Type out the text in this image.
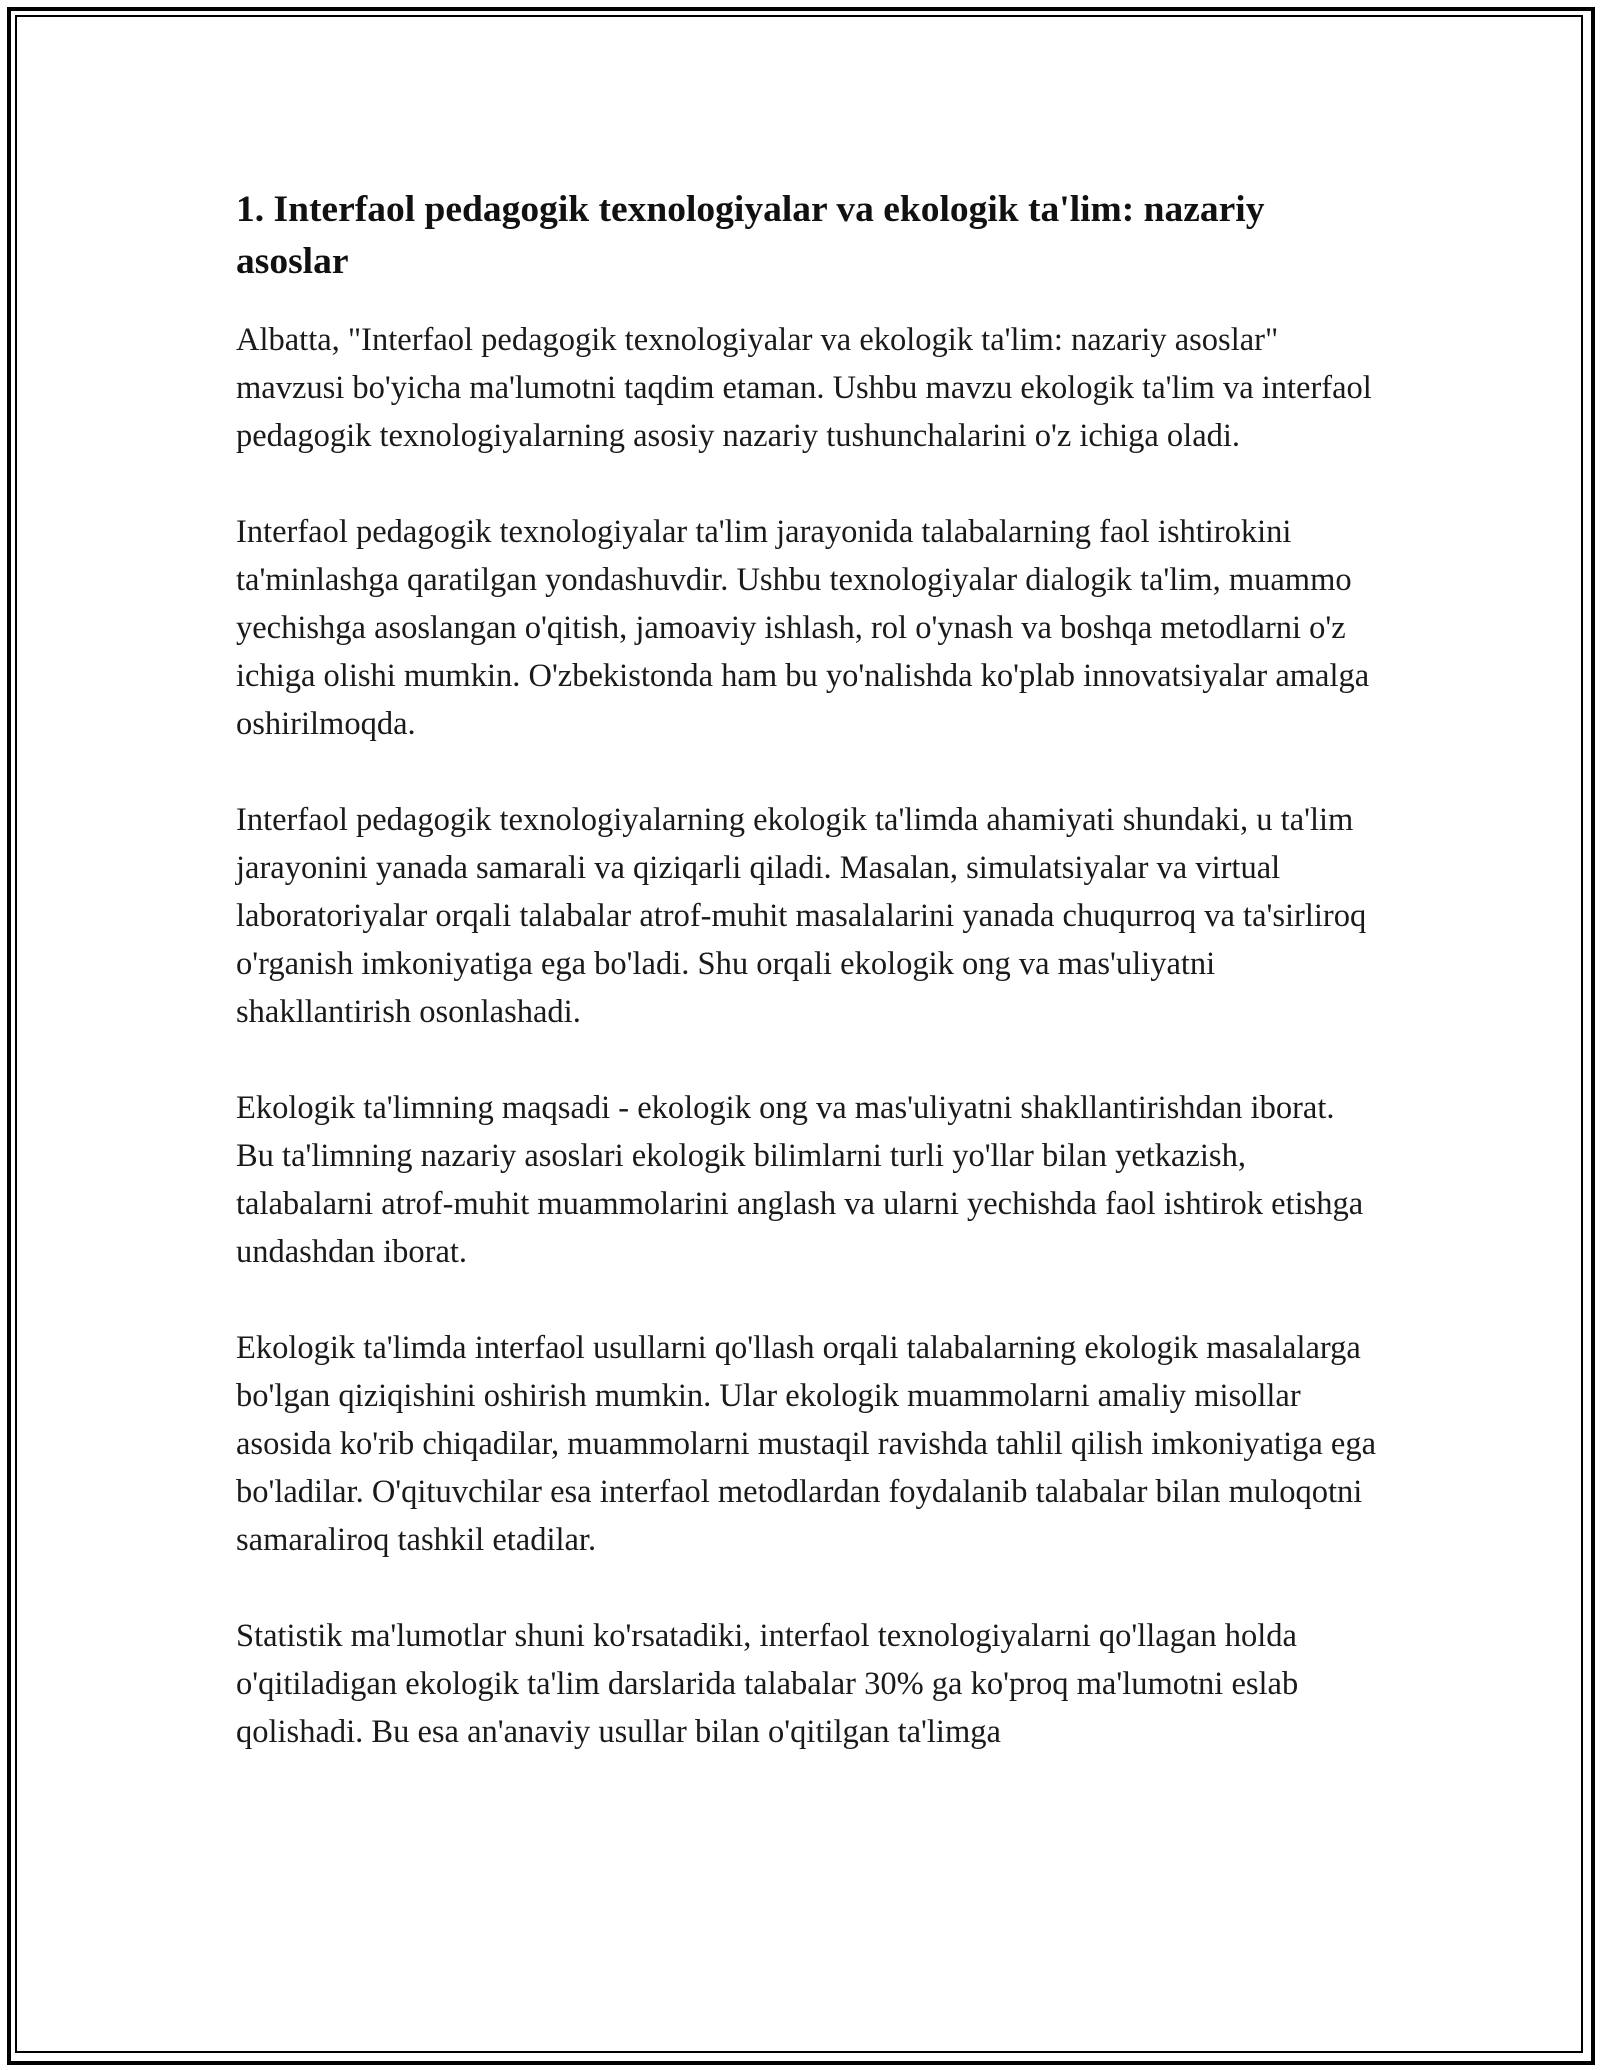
1. Interfaol pedagogik texnologiyalar va ekologik ta'lim: nazariy asoslar

Albatta, "Interfaol pedagogik texnologiyalar va ekologik ta'lim: nazariy asoslar" mavzusi bo'yicha ma'lumotni taqdim etaman. Ushbu mavzu ekologik ta'lim va interfaol pedagogik texnologiyalarning asosiy nazariy tushunchalarini o'z ichiga oladi.

Interfaol pedagogik texnologiyalar ta'lim jarayonida talabalarning faol ishtirokini ta'minlashga qaratilgan yondashuvdir. Ushbu texnologiyalar dialogik ta'lim, muammo yechishga asoslangan o'qitish, jamoaviy ishlash, rol o'ynash va boshqa metodlarni o'z ichiga olishi mumkin. O'zbekistonda ham bu yo'nalishda ko'plab innovatsiyalar amalga oshirilmoqda.

Interfaol pedagogik texnologiyalarning ekologik ta'limda ahamiyati shundaki, u ta'lim jarayonini yanada samarali va qiziqarli qiladi. Masalan, simulatsiyalar va virtual laboratoriyalar orqali talabalar atrof-muhit masalalarini yanada chuqurroq va ta'sirliroq o'rganish imkoniyatiga ega bo'ladi. Shu orqali ekologik ong va mas'uliyatni shakllantirish osonlashadi.

Ekologik ta'limning maqsadi - ekologik ong va mas'uliyatni shakllantirishdan iborat. Bu ta'limning nazariy asoslari ekologik bilimlarni turli yo'llar bilan yetkazish, talabalarni atrof-muhit muammolarini anglash va ularni yechishda faol ishtirok etishga undashdan iborat.

Ekologik ta'limda interfaol usullarni qo'llash orqali talabalarning ekologik masalalarga bo'lgan qiziqishini oshirish mumkin. Ular ekologik muammolarni amaliy misollar asosida ko'rib chiqadilar, muammolarni mustaqil ravishda tahlil qilish imkoniyatiga ega bo'ladilar. O'qituvchilar esa interfaol metodlardan foydalanib talabalar bilan muloqotni samaraliroq tashkil etadilar.

Statistik ma'lumotlar shuni ko'rsatadiki, interfaol texnologiyalarni qo'llagan holda o'qitiladigan ekologik ta'lim darslarida talabalar 30% ga ko'proq ma'lumotni eslab qolishadi. Bu esa an'anaviy usullar bilan o'qitilgan ta'limga
